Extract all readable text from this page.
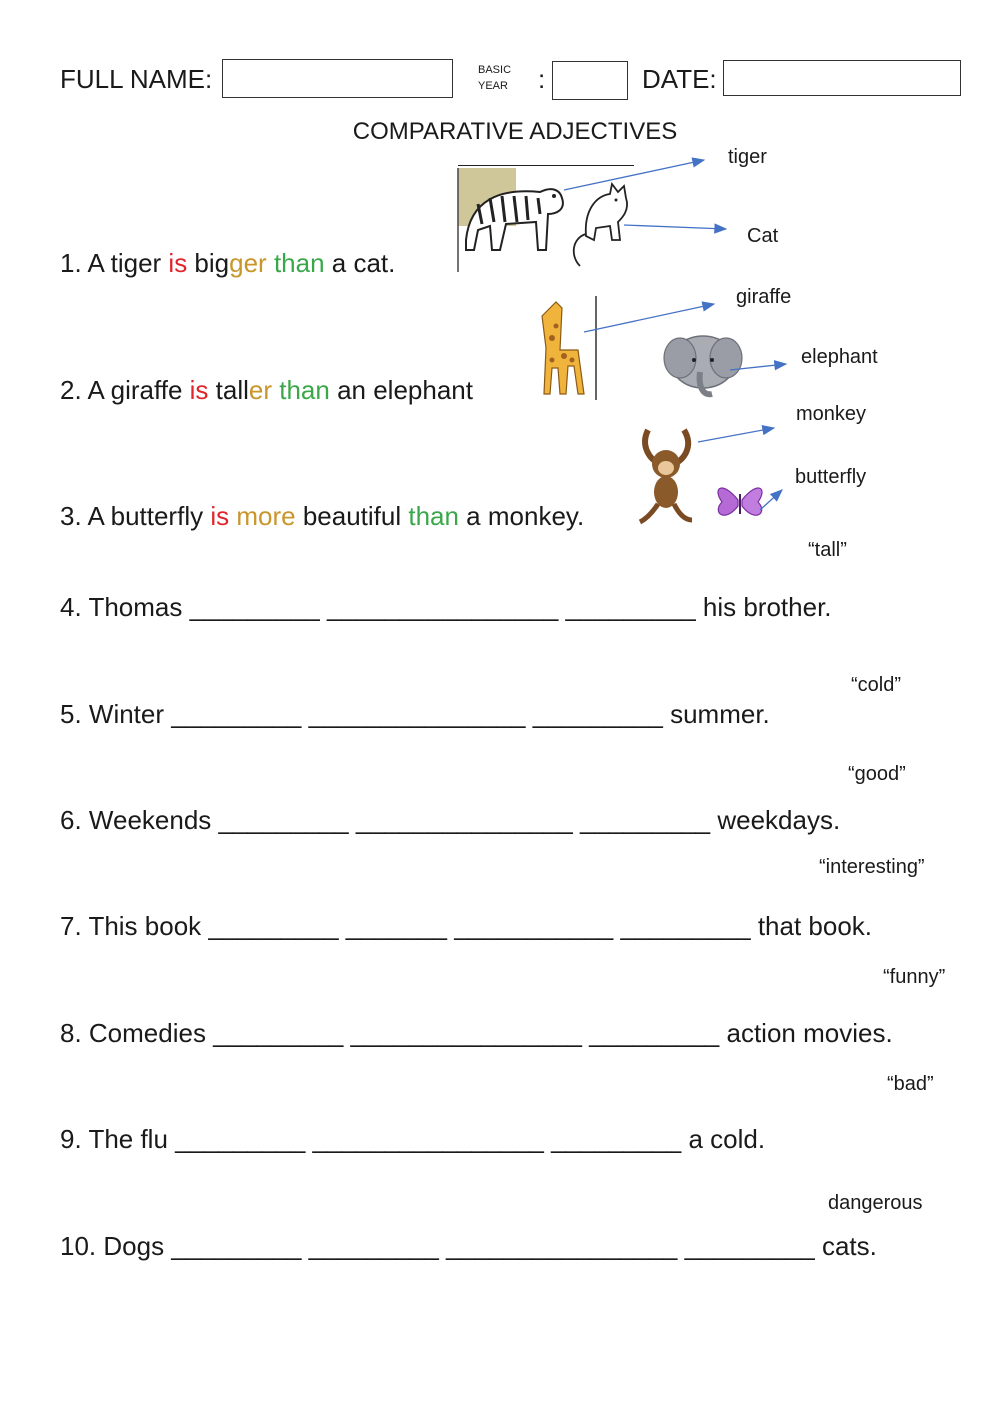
FULL NAME:	BASIC
YEAR :	DATE:
COMPARATIVE ADJECTIVES
1. A tiger is bigger than a cat.
2. A giraffe is taller than an elephant
3. A butterfly is more beautiful than a monkey.
tiger
Cat
giraffe
elephant
monkey
butterfly
“tall”
4. Thomas _________ ________________ _________ his brother.
“cold”
5. Winter _________ _______________ _________ summer.
“good”
6. Weekends _________ _______________ _________ weekdays.
“interesting”
7. This book _________ _______ ___________ _________ that book.
“funny”
8. Comedies _________ ________________ _________ action movies.
“bad”
9. The flu _________ ________________ _________ a cold.
dangerous
10. Dogs _________ _________ ________________ _________ cats.
